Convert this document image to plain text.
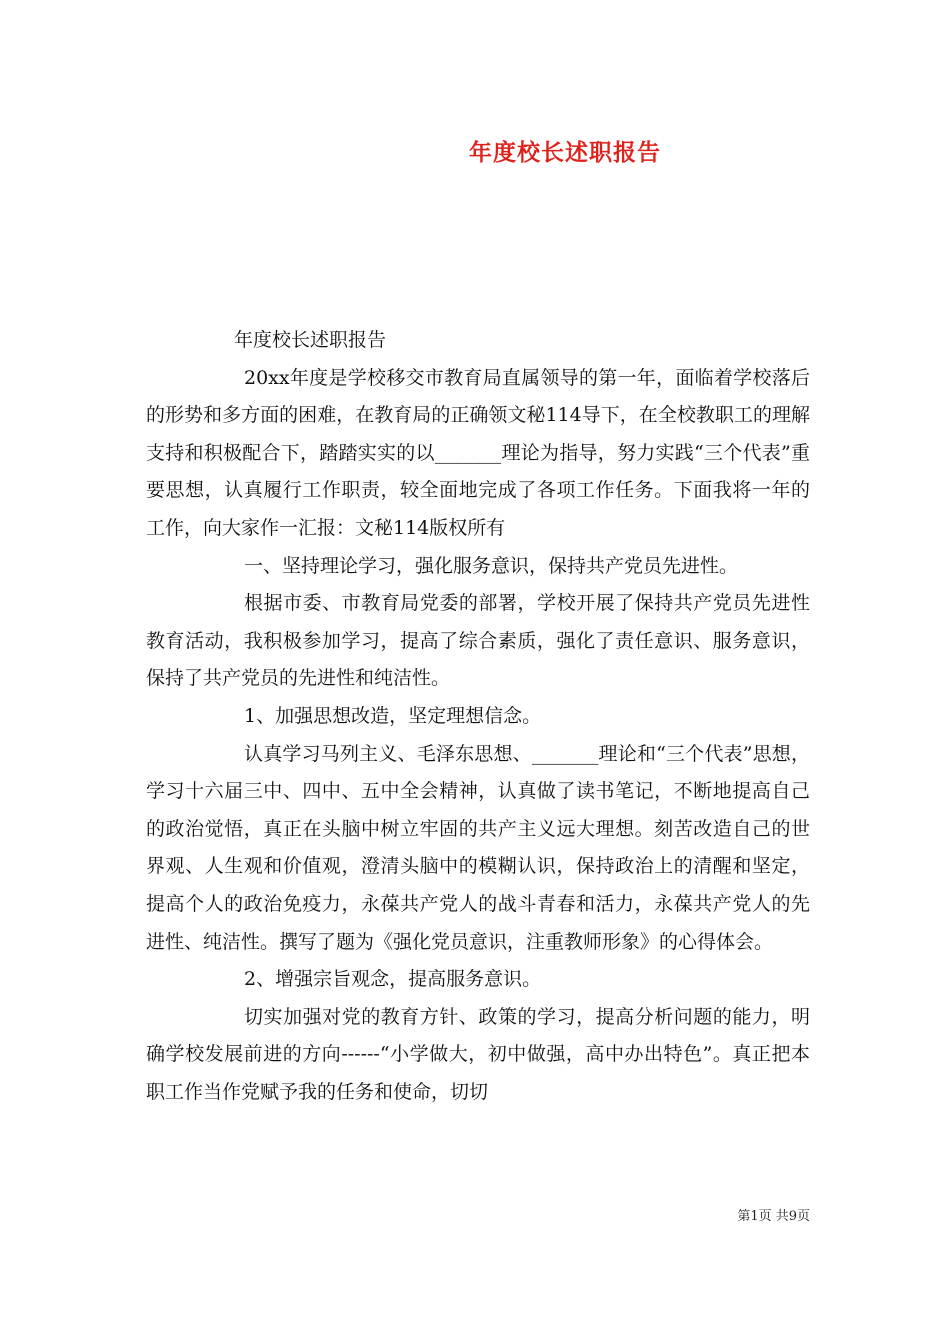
年度校长述职报告

年度校长述职报告

20xx年度是学校移交市教育局直属领导的第一年，面临着学校落后的形势和多方面的困难，在教育局的正确领文秘114导下，在全校教职工的理解支持和积极配合下，踏踏实实的以_______理论为指导，努力实践“三个代表”重要思想，认真履行工作职责，较全面地完成了各项工作任务。下面我将一年的工作，向大家作一汇报：文秘114版权所有

一、坚持理论学习，强化服务意识，保持共产党员先进性。

根据市委、市教育局党委的部署，学校开展了保持共产党员先进性教育活动，我积极参加学习，提高了综合素质，强化了责任意识、服务意识，保持了共产党员的先进性和纯洁性。

1、加强思想改造，坚定理想信念。

认真学习马列主义、毛泽东思想、_______理论和“三个代表”思想，学习十六届三中、四中、五中全会精神，认真做了读书笔记，不断地提高自己的政治觉悟，真正在头脑中树立牢固的共产主义远大理想。刻苦改造自己的世界观、人生观和价值观，澄清头脑中的模糊认识，保持政治上的清醒和坚定，提高个人的政治免疫力，永葆共产党人的战斗青春和活力，永葆共产党人的先进性、纯洁性。撰写了题为《强化党员意识，注重教师形象》的心得体会。

2、增强宗旨观念，提高服务意识。

切实加强对党的教育方针、政策的学习，提高分析问题的能力，明确学校发展前进的方向------“小学做大，初中做强，高中办出特色”。真正把本职工作当作党赋予我的任务和使命，切切

第1页 共9页
